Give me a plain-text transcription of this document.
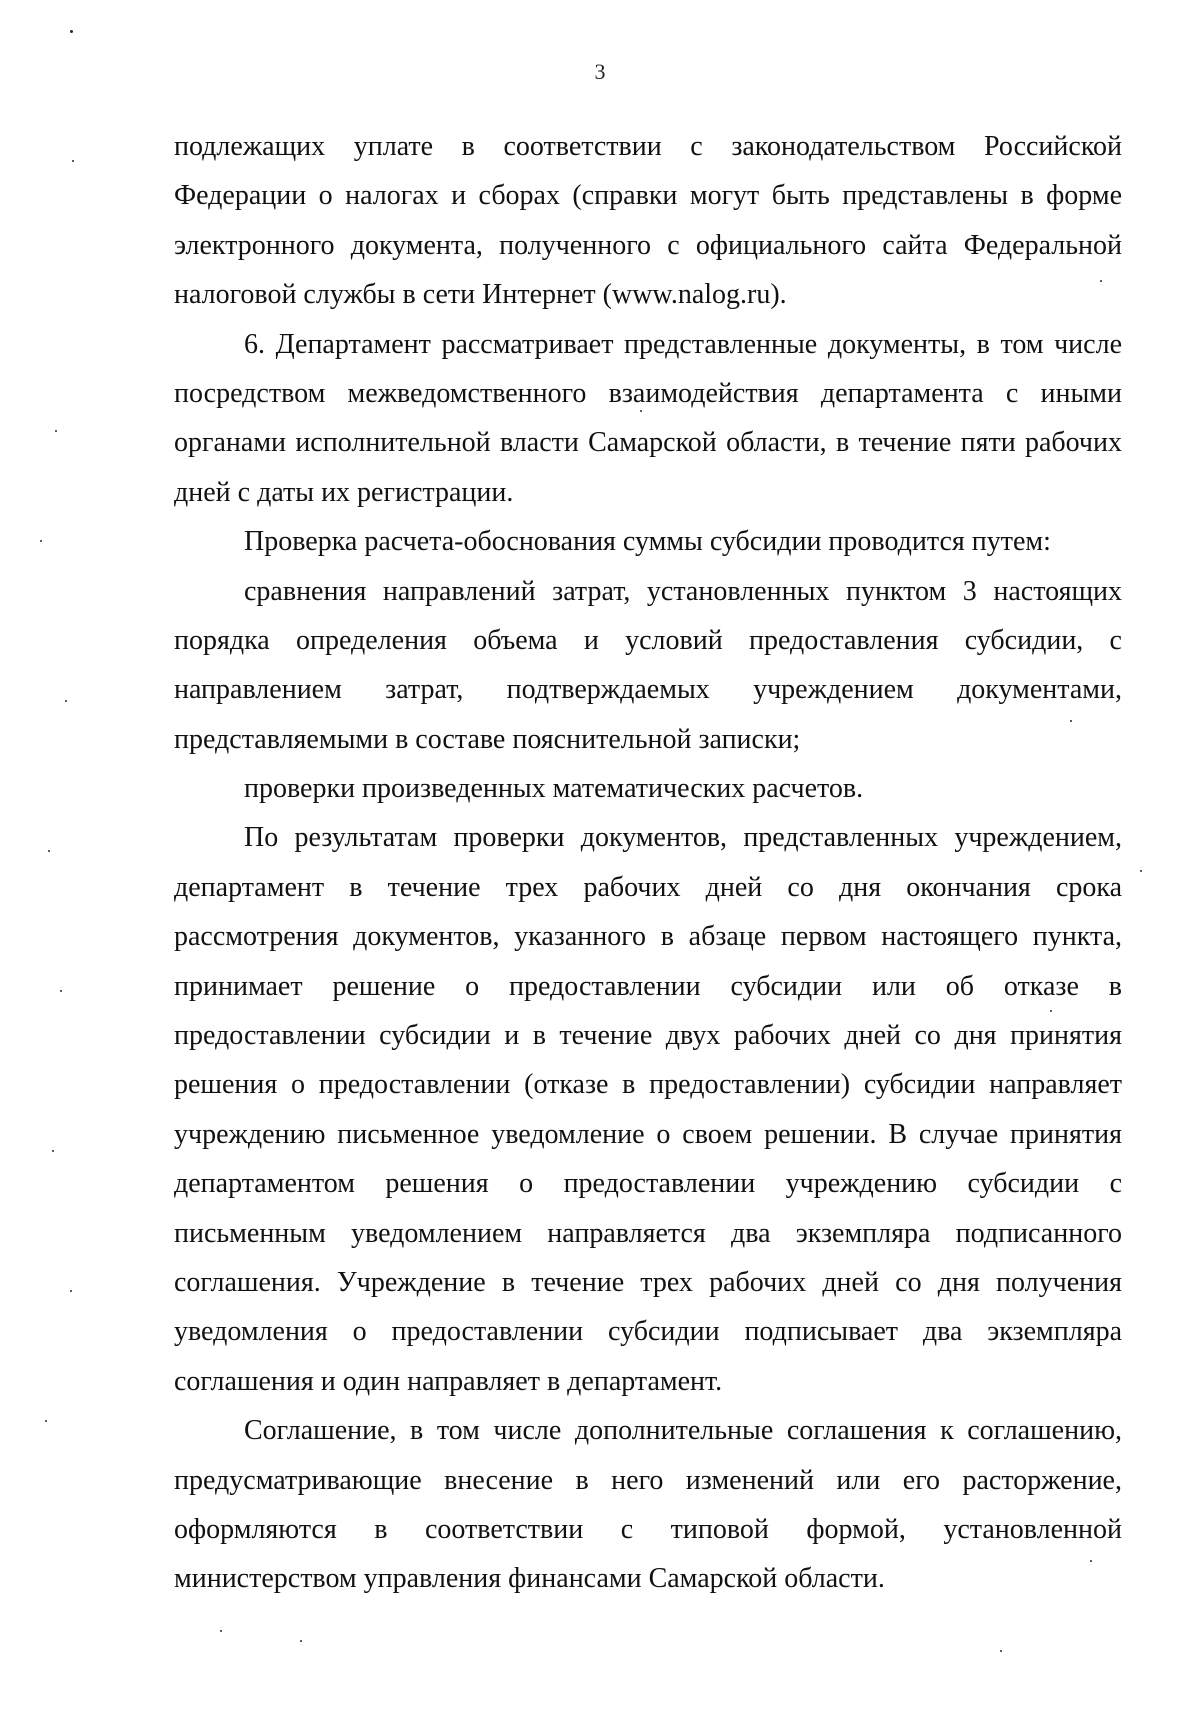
3
подлежащих уплате в соответствии с законодательством Российской
Федерации о налогах и сборах (справки могут быть представлены в форме
электронного документа, полученного с официального сайта Федеральной
налоговой службы в сети Интернет (www.nalog.ru).
6. Департамент рассматривает представленные документы, в том числе
посредством межведомственного взаимодействия департамента с иными
органами исполнительной власти Самарской области, в течение пяти рабочих
дней с даты их регистрации.
Проверка расчета-обоснования суммы субсидии проводится путем:
сравнения направлений затрат, установленных пунктом 3 настоящих
порядка определения объема и условий предоставления субсидии, с
направлением затрат, подтверждаемых учреждением документами,
представляемыми в составе пояснительной записки;
проверки произведенных математических расчетов.
По результатам проверки документов, представленных учреждением,
департамент в течение трех рабочих дней со дня окончания срока
рассмотрения документов, указанного в абзаце первом настоящего пункта,
принимает решение о предоставлении субсидии или об отказе в
предоставлении субсидии и в течение двух рабочих дней со дня принятия
решения о предоставлении (отказе в предоставлении) субсидии направляет
учреждению письменное уведомление о своем решении. В случае принятия
департаментом решения о предоставлении учреждению субсидии с
письменным уведомлением направляется два экземпляра подписанного
соглашения. Учреждение в течение трех рабочих дней со дня получения
уведомления о предоставлении субсидии подписывает два экземпляра
соглашения и один направляет в департамент.
Соглашение, в том числе дополнительные соглашения к соглашению,
предусматривающие внесение в него изменений или его расторжение,
оформляются в соответствии с типовой формой, установленной
министерством управления финансами Самарской области.
